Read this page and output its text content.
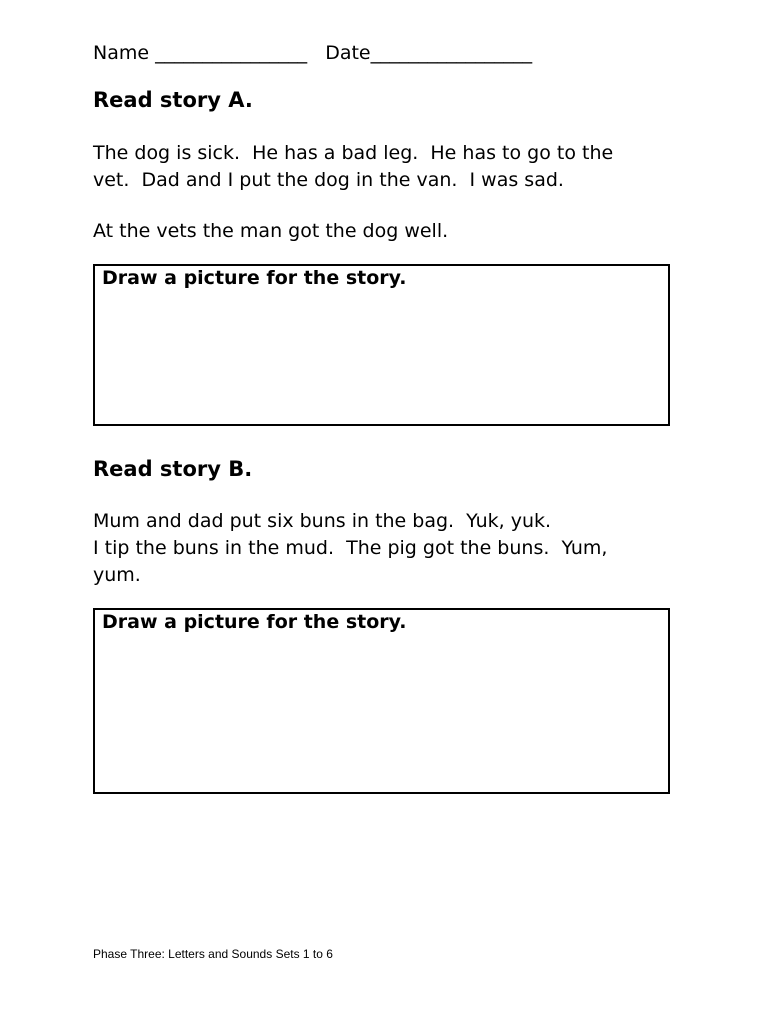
Name ________________   Date_________________
Read story A.
The dog is sick.  He has a bad leg.  He has to go to the
vet.  Dad and I put the dog in the van.  I was sad.
At the vets the man got the dog well.
Draw a picture for the story.
Read story B.
Mum and dad put six buns in the bag.  Yuk, yuk.
I tip the buns in the mud.  The pig got the buns.  Yum,
yum.
Draw a picture for the story.
Phase Three: Letters and Sounds Sets 1 to 6
